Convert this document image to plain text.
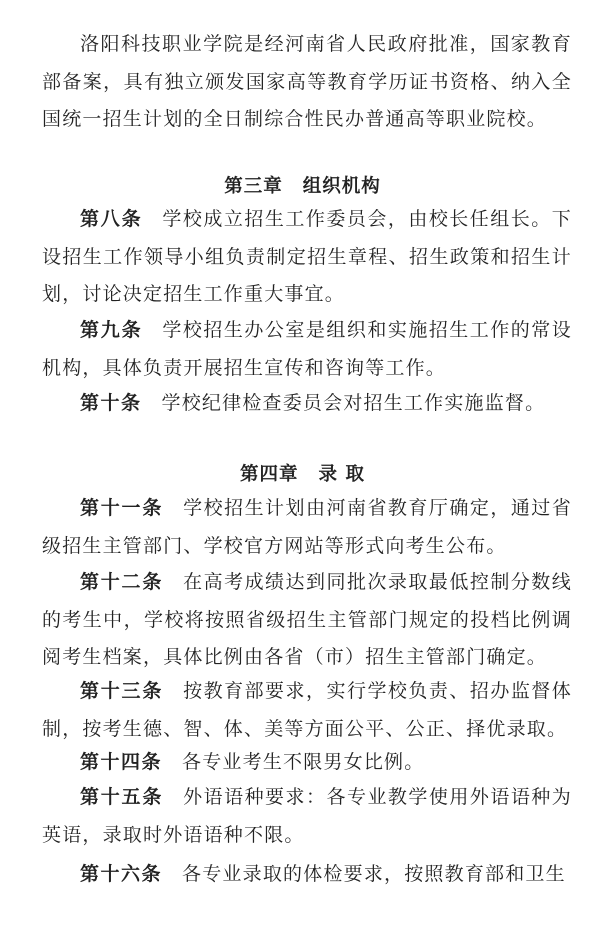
洛阳科技职业学院是经河南省人民政府批准，国家教育部备案，具有独立颁发国家高等教育学历证书资格、纳入全国统一招生计划的全日制综合性民办普通高等职业院校。

第三章 组织机构

第八条 学校成立招生工作委员会，由校长任组长。下设招生工作领导小组负责制定招生章程、招生政策和招生计划，讨论决定招生工作重大事宜。

第九条 学校招生办公室是组织和实施招生工作的常设机构，具体负责开展招生宣传和咨询等工作。

第十条 学校纪律检查委员会对招生工作实施监督。

第四章 录 取

第十一条 学校招生计划由河南省教育厅确定，通过省级招生主管部门、学校官方网站等形式向考生公布。

第十二条 在高考成绩达到同批次录取最低控制分数线的考生中，学校将按照省级招生主管部门规定的投档比例调阅考生档案，具体比例由各省（市）招生主管部门确定。

第十三条 按教育部要求，实行学校负责、招办监督体制，按考生德、智、体、美等方面公平、公正、择优录取。

第十四条 各专业考生不限男女比例。

第十五条 外语语种要求：各专业教学使用外语语种为英语，录取时外语语种不限。

第十六条 各专业录取的体检要求，按照教育部和卫生
